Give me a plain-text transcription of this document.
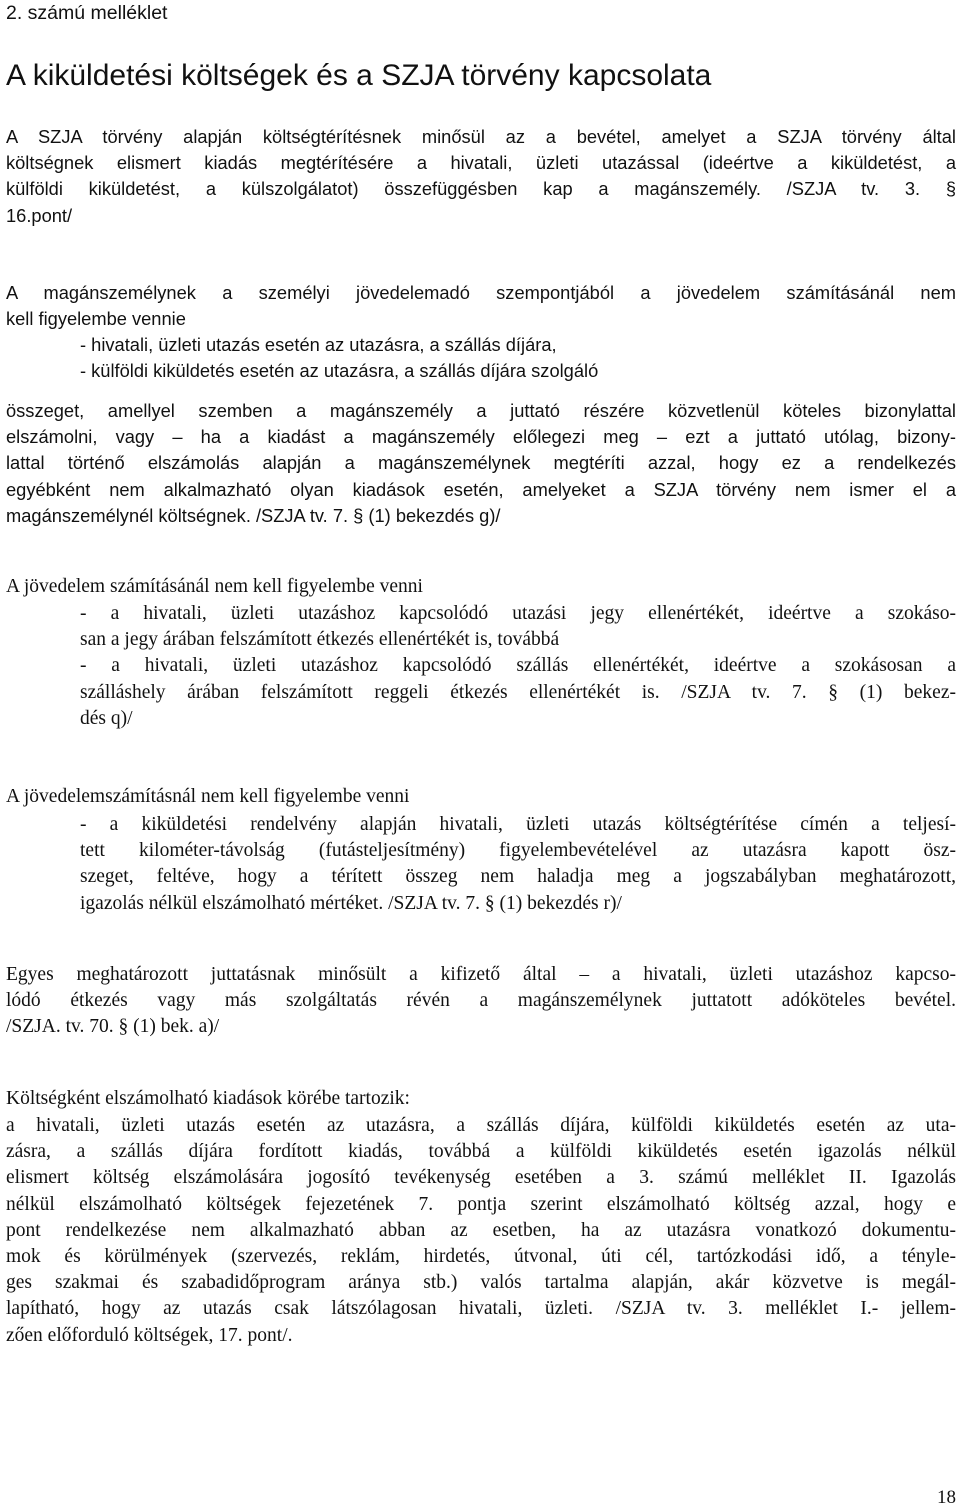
2. számú melléklet
A kiküldetési költségek és a SZJA törvény kapcsolata
A SZJA törvény alapján költségtérítésnek minősül az a bevétel, amelyet a SZJA törvény által
költségnek elismert kiadás megtérítésére a hivatali, üzleti utazással (ideértve a kiküldetést, a
külföldi kiküldetést, a külszolgálatot) összefüggésben kap a magánszemély. /SZJA tv. 3. §
16.pont/
A magánszemélynek a személyi jövedelemadó szempontjából a jövedelem számításánál nem
kell figyelembe vennie
- hivatali, üzleti utazás esetén az utazásra, a szállás díjára,
- külföldi kiküldetés esetén az utazásra, a szállás díjára szolgáló
összeget, amellyel szemben a magánszemély a juttató részére közvetlenül köteles bizonylattal
elszámolni, vagy – ha a kiadást a magánszemély előlegezi meg – ezt a juttató utólag, bizony-
lattal történő elszámolás alapján a magánszemélynek megtéríti azzal, hogy ez a rendelkezés
egyébként nem alkalmazható olyan kiadások esetén, amelyeket a SZJA törvény nem ismer el a
magánszemélynél költségnek. /SZJA tv. 7. § (1) bekezdés g)/
A jövedelem számításánál nem kell figyelembe venni
- a hivatali, üzleti utazáshoz kapcsolódó utazási jegy ellenértékét, ideértve a szokáso-
san a jegy árában felszámított étkezés ellenértékét is, továbbá
- a hivatali, üzleti utazáshoz kapcsolódó szállás ellenértékét, ideértve a szokásosan a
szálláshely árában felszámított reggeli étkezés ellenértékét is. /SZJA tv. 7. § (1) bekez-
dés q)/
A jövedelemszámításnál nem kell figyelembe venni
- a kiküldetési rendelvény alapján hivatali, üzleti utazás költségtérítése címén a teljesí-
tett kilométer-távolság (futásteljesítmény) figyelembevételével az utazásra kapott ösz-
szeget, feltéve, hogy a térített összeg nem haladja meg a jogszabályban meghatározott,
igazolás nélkül elszámolható mértéket. /SZJA tv. 7. § (1) bekezdés r)/
Egyes meghatározott juttatásnak minősült a kifizető által – a hivatali, üzleti utazáshoz kapcso-
lódó étkezés vagy más szolgáltatás révén a magánszemélynek juttatott adóköteles bevétel.
/SZJA. tv. 70. § (1) bek. a)/
Költségként elszámolható kiadások körébe tartozik:
a hivatali, üzleti utazás esetén az utazásra, a szállás díjára, külföldi kiküldetés esetén az uta-
zásra, a szállás díjára fordított kiadás, továbbá a külföldi kiküldetés esetén igazolás nélkül
elismert költség elszámolására jogosító tevékenység esetében a 3. számú melléklet II. Igazolás
nélkül elszámolható költségek fejezetének 7. pontja szerint elszámolható költség azzal, hogy e
pont rendelkezése nem alkalmazható abban az esetben, ha az utazásra vonatkozó dokumentu-
mok és körülmények (szervezés, reklám, hirdetés, útvonal, úti cél, tartózkodási idő, a tényle-
ges szakmai és szabadidőprogram aránya stb.) valós tartalma alapján, akár közvetve is megál-
lapítható, hogy az utazás csak látszólagosan hivatali, üzleti. /SZJA tv. 3. melléklet I.- jellem-
zően előforduló költségek, 17. pont/.
18
